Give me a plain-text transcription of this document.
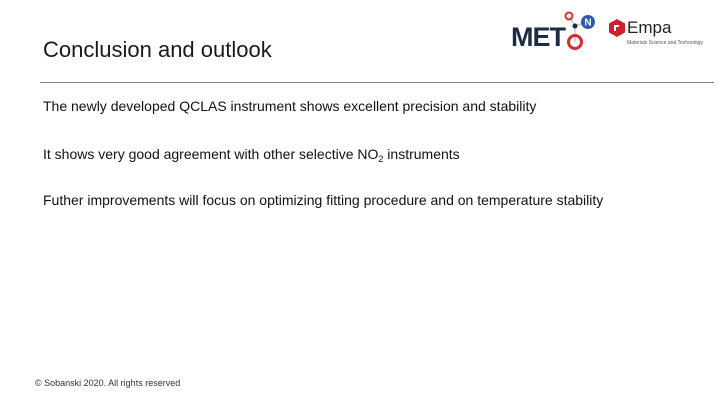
Conclusion and outlook	MET N Empa
Materials Science and Technology
The newly developed QCLAS instrument shows excellent precision and stability
It shows very good agreement with other selective $NO_2$ instruments
Futher improvements will focus on optimizing fitting procedure and on temperature stability
© Sobanski 2020. All rights reserved
